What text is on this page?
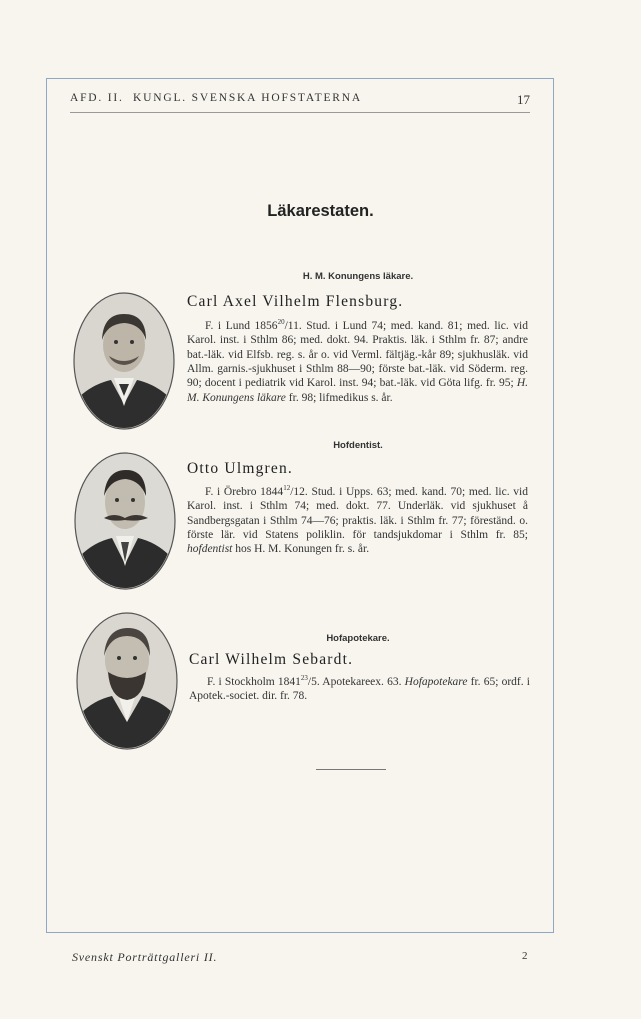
AFD. II.  KUNGL. SVENSKA HOFSTATERNA	17
Läkarestaten.
H. M. Konungens läkare.
Carl Axel Vilhelm Flensburg.

F. i Lund 1856$^{20}$/11. Stud. i Lund 74; med. kand. 81; med. lic. vid Karol. inst. i Sthlm 86; med. dokt. 94. Praktis. läk. i Sthlm fr. 87; andre bat.-läk. vid Elfsb. reg. s. år o. vid Verml. fältjäg.-kår 89; sjukhusläk. vid Allm. garnis.-sjukhuset i Sthlm 88—90; förste bat.-läk. vid Söderm. reg. 90; docent i pediatrik vid Karol. inst. 94; bat.-läk. vid Göta lifg. fr. 95; H. M. Konungens läkare fr. 98; lifmedikus s. år.

Hofdentist.
Otto Ulmgren.

F. i Örebro 1844$^{12}$/12. Stud. i Upps. 63; med. kand. 70; med. lic. vid Karol. inst. i Sthlm 74; med. dokt. 77. Underläk. vid sjukhuset å Sandbergsgatan i Sthlm 74—76; praktis. läk. i Sthlm fr. 77; föreständ. o. förste lär. vid Statens poliklin. för tandsjukdomar i Sthlm fr. 85; hofdentist hos H. M. Konungen fr. s. år.

Hofapotekare.
Carl Wilhelm Sebardt.

F. i Stockholm 1841$^{23}$/5. Apotekareex. 63. Hofapotekare fr. 65; ordf. i Apotek.-societ. dir. fr. 78.

Svenskt Porträttgalleri II.	2
